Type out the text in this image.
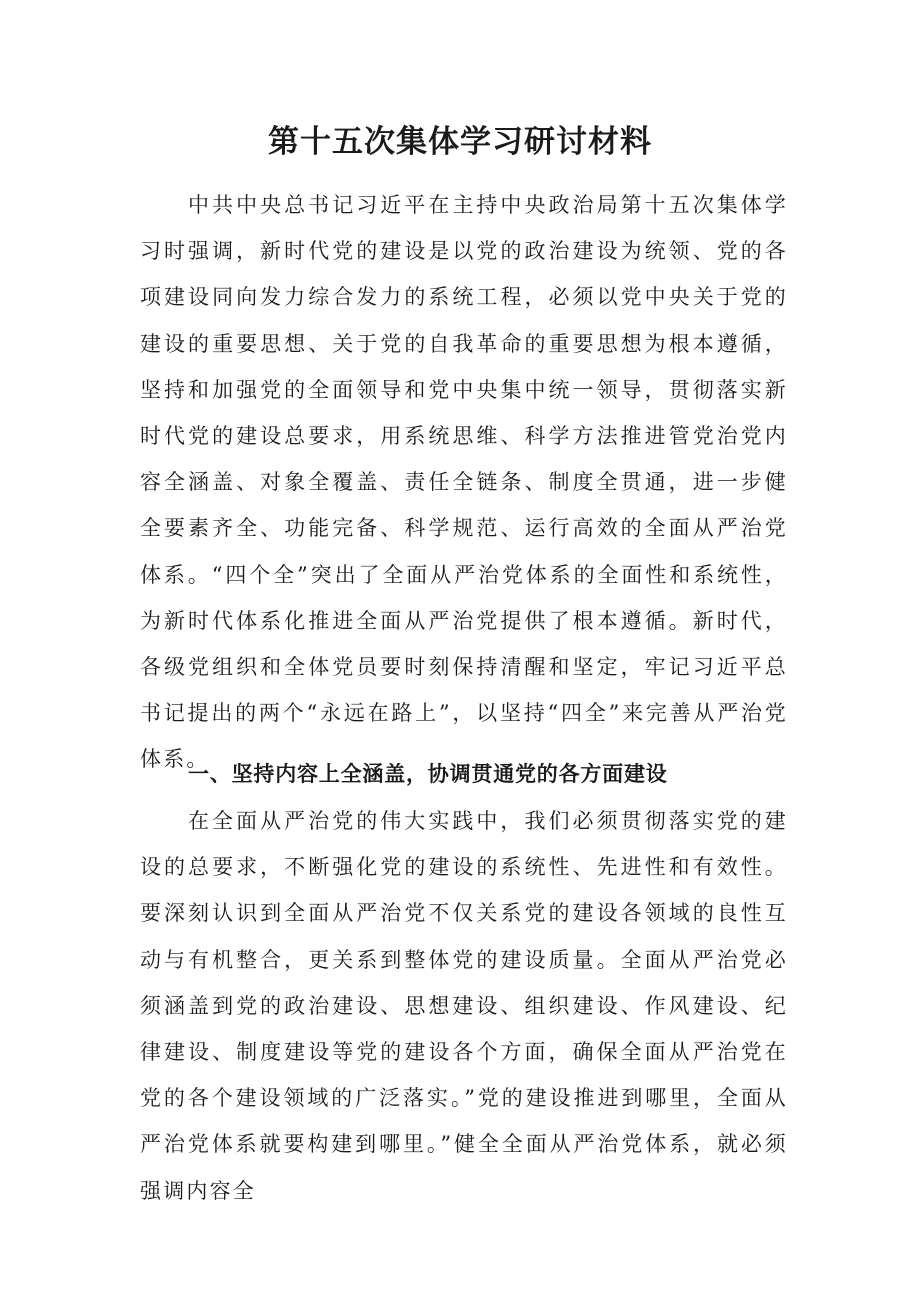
第十五次集体学习研讨材料

中共中央总书记习近平在主持中央政治局第十五次集体学习时强调，新时代党的建设是以党的政治建设为统领、党的各项建设同向发力综合发力的系统工程，必须以党中央关于党的建设的重要思想、关于党的自我革命的重要思想为根本遵循，坚持和加强党的全面领导和党中央集中统一领导，贯彻落实新时代党的建设总要求，用系统思维、科学方法推进管党治党内容全涵盖、对象全覆盖、责任全链条、制度全贯通，进一步健全要素齐全、功能完备、科学规范、运行高效的全面从严治党体系。“四个全”突出了全面从严治党体系的全面性和系统性，为新时代体系化推进全面从严治党提供了根本遵循。新时代，各级党组织和全体党员要时刻保持清醒和坚定，牢记习近平总书记提出的两个“永远在路上”，以坚持“四全”来完善从严治党体系。

一、坚持内容上全涵盖，协调贯通党的各方面建设

在全面从严治党的伟大实践中，我们必须贯彻落实党的建设的总要求，不断强化党的建设的系统性、先进性和有效性。要深刻认识到全面从严治党不仅关系党的建设各领域的良性互动与有机整合，更关系到整体党的建设质量。全面从严治党必须涵盖到党的政治建设、思想建设、组织建设、作风建设、纪律建设、制度建设等党的建设各个方面，确保全面从严治党在党的各个建设领域的广泛落实。”党的建设推进到哪里，全面从严治党体系就要构建到哪里。”健全全面从严治党体系，就必须强调内容全
